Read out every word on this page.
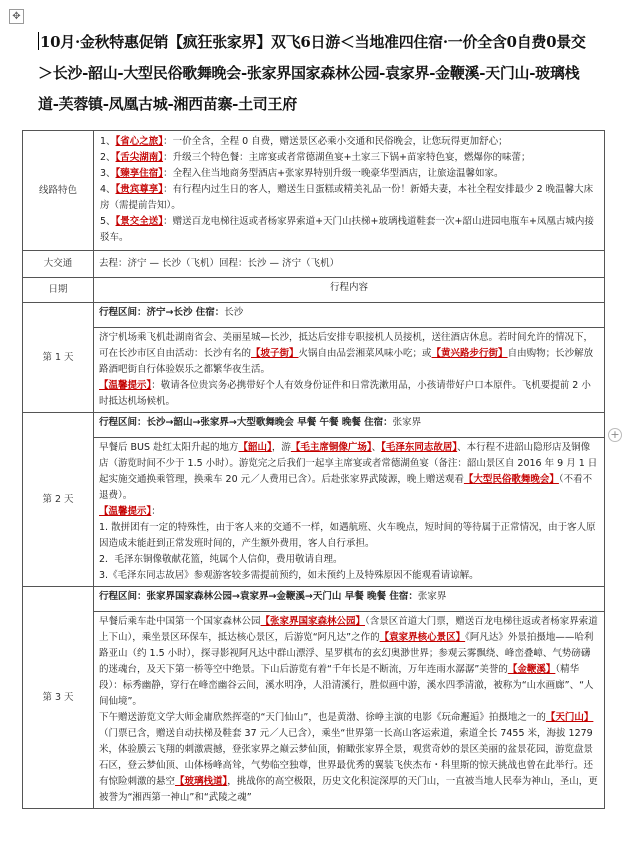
✥
10月·金秋特惠促销【疯狂张家界】双飞6日游＜当地准四住宿·一价全含0自费0景交＞长沙-韶山-大型民俗歌舞晚会-张家界国家森林公园-袁家界-金鞭溪-天门山-玻璃栈道-芙蓉镇-凤凰古城-湘西苗寨-土司王府
线路特色	1、【省心之旅】：一价全含，全程 0 自费，赠送景区必乘小交通和民俗晚会，让您玩得更加舒心；

2、【舌尖湖南】：升级三个特色餐：主席宴或者常德湖鱼宴+土家三下锅+苗家特色宴，燃爆你的味蕾；

3、【臻享住宿】：全程入住当地商务型酒店+张家界特别升级一晚豪华型酒店，让旅途温馨如家。

4、【贵宾尊享】：有行程内过生日的客人，赠送生日蛋糕或精美礼品一份！新婚夫妻，本社全程安排最少 2 晚温馨大床房（需提前告知）。

5、【景交全送】：赠送百龙电梯往返或者杨家界索道+天门山扶梯+玻璃栈道鞋套一次+韶山进园电瓶车+凤凰古城内接驳车。

大交通	去程：济宁 — 长沙（飞机）回程：长沙 — 济宁（飞机）
日期	行程内容
第 1 天	行程区间：济宁→长沙 住宿：长沙
	济宁机场乘飞机赴湖南省会、美丽星城—长沙，抵达后安排专职接机人员接机，送往酒店休息。若时间允许的情况下，可在长沙市区自由活动：长沙有名的【坡子街】火锅自由品尝湘菜风味小吃；或【黄兴路步行街】自由购物；长沙解放路酒吧街自行体验娱乐之都繁华夜生活。
【温馨提示】：敬请各位贵宾务必携带好个人有效身份证件和日常洗漱用品，小孩请带好户口本原件。飞机要提前 2 小时抵达机场候机。
第 2 天	行程区间：长沙→韶山→张家界→大型歌舞晚会 早餐 午餐 晚餐 住宿：张家界
	早餐后 BUS 赴红太阳升起的地方【韶山】，游【毛主席铜像广场】、【毛泽东同志故居】、本行程不进韶山隐形店及铜像店（游览时间不少于 1.5 小时）。游览完之后我们一起享主席宴或者常德湖鱼宴（备注：韶山景区自 2016 年 9 月 1 日起实施交通换乘管理，换乘车 20 元／人费用已含）。后赴张家界武陵源，晚上赠送观看【大型民俗歌舞晚会】（不看不退费）。
【温馨提示】：

1. 散拼团有一定的特殊性，由于客人来的交通不一样，如遇航班、火车晚点，短时间的等待属于正常情况，由于客人原因造成未能赶到正常发班时间的，产生额外费用，客人自行承担。

2．毛泽东铜像敬献花篮，纯属个人信仰，费用敬请自理。

3.《毛泽东同志故居》参观游客较多需提前预约，如未预约上及特殊原因不能观看请谅解。

第 3 天	行程区间：张家界国家森林公园→袁家界→金鞭溪→天门山 早餐 晚餐 住宿：张家界
	早餐后乘车赴中国第一个国家森林公园【张家界国家森林公园】（含景区首道大门票，赠送百龙电梯往返或者杨家界索道上下山），乘坐景区环保车，抵达核心景区，后游览“阿凡达”之作的【袁家界核心景区】《阿凡达》外景拍摄地——哈利路亚山（约 1.5 小时），探寻影视阿凡达中群山漂浮、星罗棋布的玄幻奥渺世界；参观云雾飘绕、峰峦叠嶂、气势磅礴的迷魂台，及天下第一桥等空中绝景。下山后游览有着“千年长是不断流，万年连雨水潺潺”美誉的【金鞭溪】（精华段）：标秀幽静，穿行在峰峦幽谷云间，溪水明净，人沿清溪行，胜似画中游，溪水四季清澈，被称为“山水画廊”、“人间仙境”。
下午赠送游览文学大师金庸欣然挥毫的“天门仙山”，也是黄渤、徐峥主演的电影《玩命邂逅》拍摄地之一的【天门山】（门票已含，赠送自动扶梯及鞋套 37 元／人已含），乘坐“世界第一长高山客运索道，索道全长 7455 米，海拔 1279 米，体验膜云飞翔的刺激震撼，登张家界之巅云梦仙顶，俯瞰张家界全景，观赏奇妙的景区美丽的盆景花园，游览盘景石区，登云梦仙顶、山体杨峰高耸，气势临空独尊，世界最优秀的翼装飞侠杰布・科里斯的惊天挑战也曾在此举行。还有惊险刺激的悬空【玻璃栈道】，挑战你的高空极限，历史文化积淀深厚的天门山，一直被当地人民奉为神山，圣山，更被誉为“湘西第一神山”和“武陵之魂”
+
